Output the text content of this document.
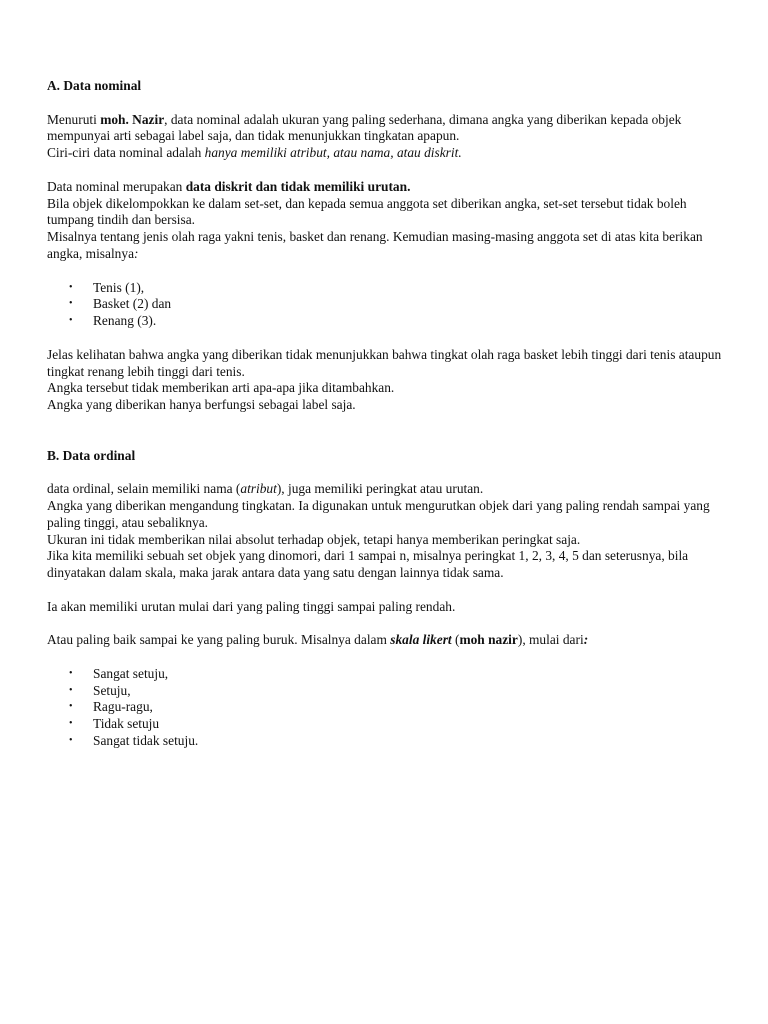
A. Data nominal

Menuruti moh. Nazir, data nominal adalah ukuran yang paling sederhana, dimana angka yang diberikan kepada objek mempunyai arti sebagai label saja, dan tidak menunjukkan tingkatan apapun.

Ciri-ciri data nominal adalah hanya memiliki atribut, atau nama, atau diskrit.

Data nominal merupakan data diskrit dan tidak memiliki urutan.

Bila objek dikelompokkan ke dalam set-set, dan kepada semua anggota set diberikan angka, set-set tersebut tidak boleh tumpang tindih dan bersisa.

Misalnya tentang jenis olah raga yakni tenis, basket dan renang. Kemudian masing-masing anggota set di atas kita berikan angka, misalnya:

• Tenis (1),
• Basket (2) dan
• Renang (3).

Jelas kelihatan bahwa angka yang diberikan tidak menunjukkan bahwa tingkat olah raga basket lebih tinggi dari tenis ataupun tingkat renang lebih tinggi dari tenis.

Angka tersebut tidak memberikan arti apa-apa jika ditambahkan.

Angka yang diberikan hanya berfungsi sebagai label saja.

B. Data ordinal

data ordinal, selain memiliki nama (atribut), juga memiliki peringkat atau urutan.

Angka yang diberikan mengandung tingkatan. Ia digunakan untuk mengurutkan objek dari yang paling rendah sampai yang paling tinggi, atau sebaliknya.

Ukuran ini tidak memberikan nilai absolut terhadap objek, tetapi hanya memberikan peringkat saja.

Jika kita memiliki sebuah set objek yang dinomori, dari 1 sampai n, misalnya peringkat 1, 2, 3, 4, 5 dan seterusnya, bila dinyatakan dalam skala, maka jarak antara data yang satu dengan lainnya tidak sama.

Ia akan memiliki urutan mulai dari yang paling tinggi sampai paling rendah.

Atau paling baik sampai ke yang paling buruk. Misalnya dalam skala likert (moh nazir), mulai dari:

• Sangat setuju,
• Setuju,
• Ragu-ragu,
• Tidak setuju
• Sangat tidak setuju.
